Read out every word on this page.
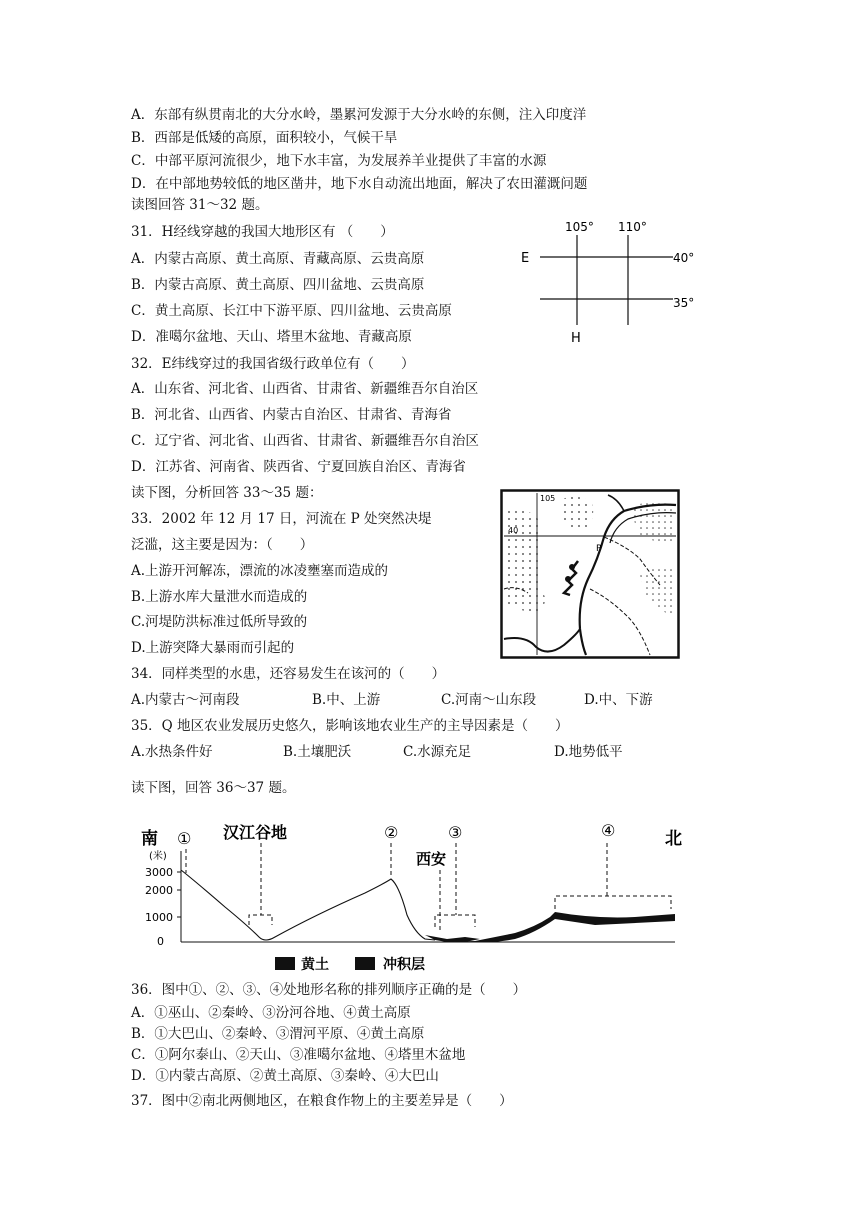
A．东部有纵贯南北的大分水岭，墨累河发源于大分水岭的东侧，注入印度洋
B．西部是低矮的高原，面积较小，气候干旱
C．中部平原河流很少，地下水丰富，为发展养羊业提供了丰富的水源
D．在中部地势较低的地区凿井，地下水自动流出地面，解决了农田灌溉问题
读图回答 31～32 题。
31．H经线穿越的我国大地形区有 （　　）
A．内蒙古高原、黄土高原、青藏高原、云贵高原
B．内蒙古高原、黄土高原、四川盆地、云贵高原
C．黄土高原、长江中下游平原、四川盆地、云贵高原
D．准噶尔盆地、天山、塔里木盆地、青藏高原
105° 110°
40°
35°
E
H
32．E纬线穿过的我国省级行政单位有（　　）
A．山东省、河北省、山西省、甘肃省、新疆维吾尔自治区
B．河北省、山西省、内蒙古自治区、甘肃省、青海省
C．辽宁省、河北省、山西省、甘肃省、新疆维吾尔自治区
D．江苏省、河南省、陕西省、宁夏回族自治区、青海省
读下图，分析回答 33～35 题：
33．2002 年 12 月 17 日，河流在 P 处突然决堤
泛滥，这主要是因为：（　　）
A.上游开河解冻，漂流的冰凌壅塞而造成的
B.上游水库大量泄水而造成的
C.河堤防洪标准过低所导致的
D.上游突降大暴雨而引起的
105
40
P
34．同样类型的水患，还容易发生在该河的（　　）
A.内蒙古～河南段	B.中、上游	C.河南～山东段	D.中、下游
35．Q 地区农业发展历史悠久，影响该地农业生产的主导因素是（　　）
A.水热条件好	B.土壤肥沃	C.水源充足	D.地势低平
读下图，回答 36～37 题。
南	北
① 汉江谷地	②	③	④
西安
(米)
3000
2000
1000
0
黄土	冲积层
36．图中①、②、③、④处地形名称的排列顺序正确的是（　　）
A．①巫山、②秦岭、③汾河谷地、④黄土高原
B．①大巴山、②秦岭、③渭河平原、④黄土高原
C．①阿尔泰山、②天山、③准噶尔盆地、④塔里木盆地
D．①内蒙古高原、②黄土高原、③秦岭、④大巴山
37．图中②南北两侧地区，在粮食作物上的主要差异是（　　）
